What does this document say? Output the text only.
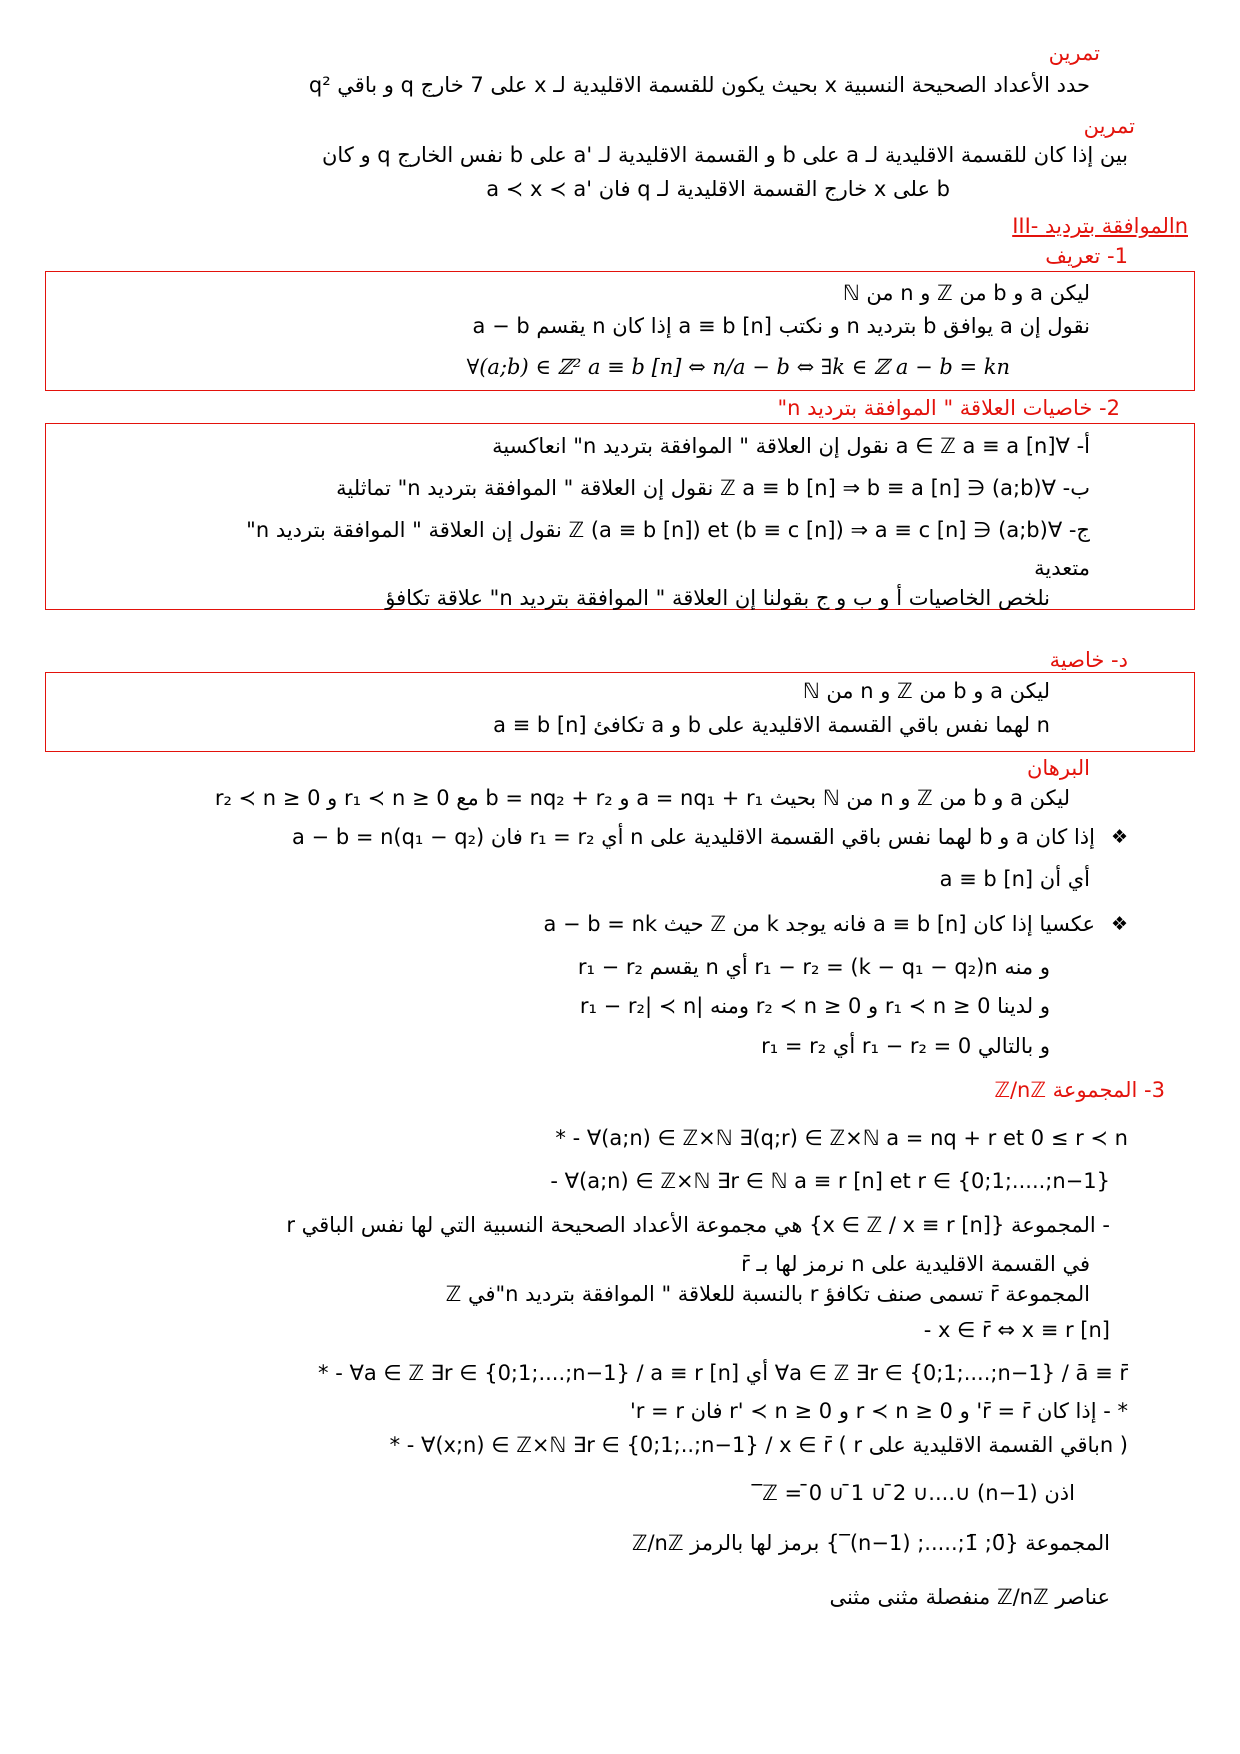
تمرين
حدد الأعداد الصحيحة النسبية x بحيث يكون للقسمة الاقليدية لـ x على 7 خارج q و باقي q²
تمرين
بين إذا كان للقسمة الاقليدية لـ a على b و القسمة الاقليدية لـ 'a على b نفس الخارج q و كان
a ≺ x ≺ a' فان q خارج القسمة الاقليدية لـ x على b
III- الموافقة بترديدn
1- تعريف
ليكن a و b من ℤ و n من ℕ
نقول إن a يوافق b بترديد n و نكتب a ≡ b [n] إذا كان n يقسم a − b
∀(a;b) ∈ ℤ² a ≡ b [n] ⇔ n/a − b ⇔ ∃k ∈ ℤ a − b = kn
2- خاصيات العلاقة " الموافقة بترديد n"
أ- ∀a ∈ ℤ a ≡ a [n] نقول إن العلاقة " الموافقة بترديد n" انعاكسية
ب- ∀(a;b) ∈ ℤ a ≡ b [n] ⇒ b ≡ a [n] نقول إن العلاقة " الموافقة بترديد n" تماثلية
ج- ∀(a;b) ∈ ℤ (a ≡ b [n]) et (b ≡ c [n]) ⇒ a ≡ c [n] نقول إن العلاقة " الموافقة بترديد n"
متعدية
نلخص الخاصيات أ و ب و ج بقولنا إن العلاقة " الموافقة بترديد n" علاقة تكافؤ
د- خاصية
ليكن a و b من ℤ و n من ℕ
a ≡ b [n] تكافئ a و b لهما نفس باقي القسمة الاقليدية على n
البرهان
ليكن a و b من ℤ و n من ℕ بحيث a = nq₁ + r₁ و b = nq₂ + r₂ مع 0 ≤ r₁ ≺ n و 0 ≤ r₂ ≺ n
❖
إذا كان a و b لهما نفس باقي القسمة الاقليدية على n أي r₁ = r₂ فان a − b = n(q₁ − q₂)
أي أن a ≡ b [n]
❖
عكسيا إذا كان a ≡ b [n] فانه يوجد k من ℤ حيث a − b = nk
و منه r₁ − r₂ = (k − q₁ − q₂)n أي n يقسم r₁ − r₂
و لدينا 0 ≤ r₁ ≺ n و 0 ≤ r₂ ≺ n ومنه |r₁ − r₂| ≺ n
و بالتالي r₁ − r₂ = 0 أي r₁ = r₂
3- المجموعة ℤ/nℤ
* - ∀(a;n) ∈ ℤ×ℕ ∃(q;r) ∈ ℤ×ℕ a = nq + r et 0 ≤ r ≺ n
- ∀(a;n) ∈ ℤ×ℕ ∃r ∈ ℕ a ≡ r [n] et r ∈ {0;1;.....;n−1}
- المجموعة {x ∈ ℤ / x ≡ r [n]} هي مجموعة الأعداد الصحيحة النسبية التي لها نفس الباقي r
في القسمة الاقليدية على n نرمز لها بـ r̄
المجموعة r̄ تسمى صنف تكافؤ r بالنسبة للعلاقة " الموافقة بترديد n"في ℤ
- x ∈ r̄ ⇔ x ≡ r [n]
* - ∀a ∈ ℤ ∃r ∈ {0;1;....;n−1} / a ≡ r [n] أي ∀a ∈ ℤ ∃r ∈ {0;1;....;n−1} / ā ≡ r̄
* - إذا كان r̄ = r̄' و 0 ≤ r ≺ n و 0 ≤ r' ≺ n فان r = r'
* - ∀(x;n) ∈ ℤ×ℕ ∃r ∈ {0;1;..;n−1} / x ∈ r̄ ( r باقي القسمة الاقليدية علىn )
اذن ℤ = 0̄ ∪ 1̄ ∪ 2̄ ∪....∪ (n−1)‾
المجموعة {0̄; 1̄;.....; (n−1)‾} برمز لها بالرمز ℤ/nℤ
عناصر ℤ/nℤ منفصلة مثنى مثنى
